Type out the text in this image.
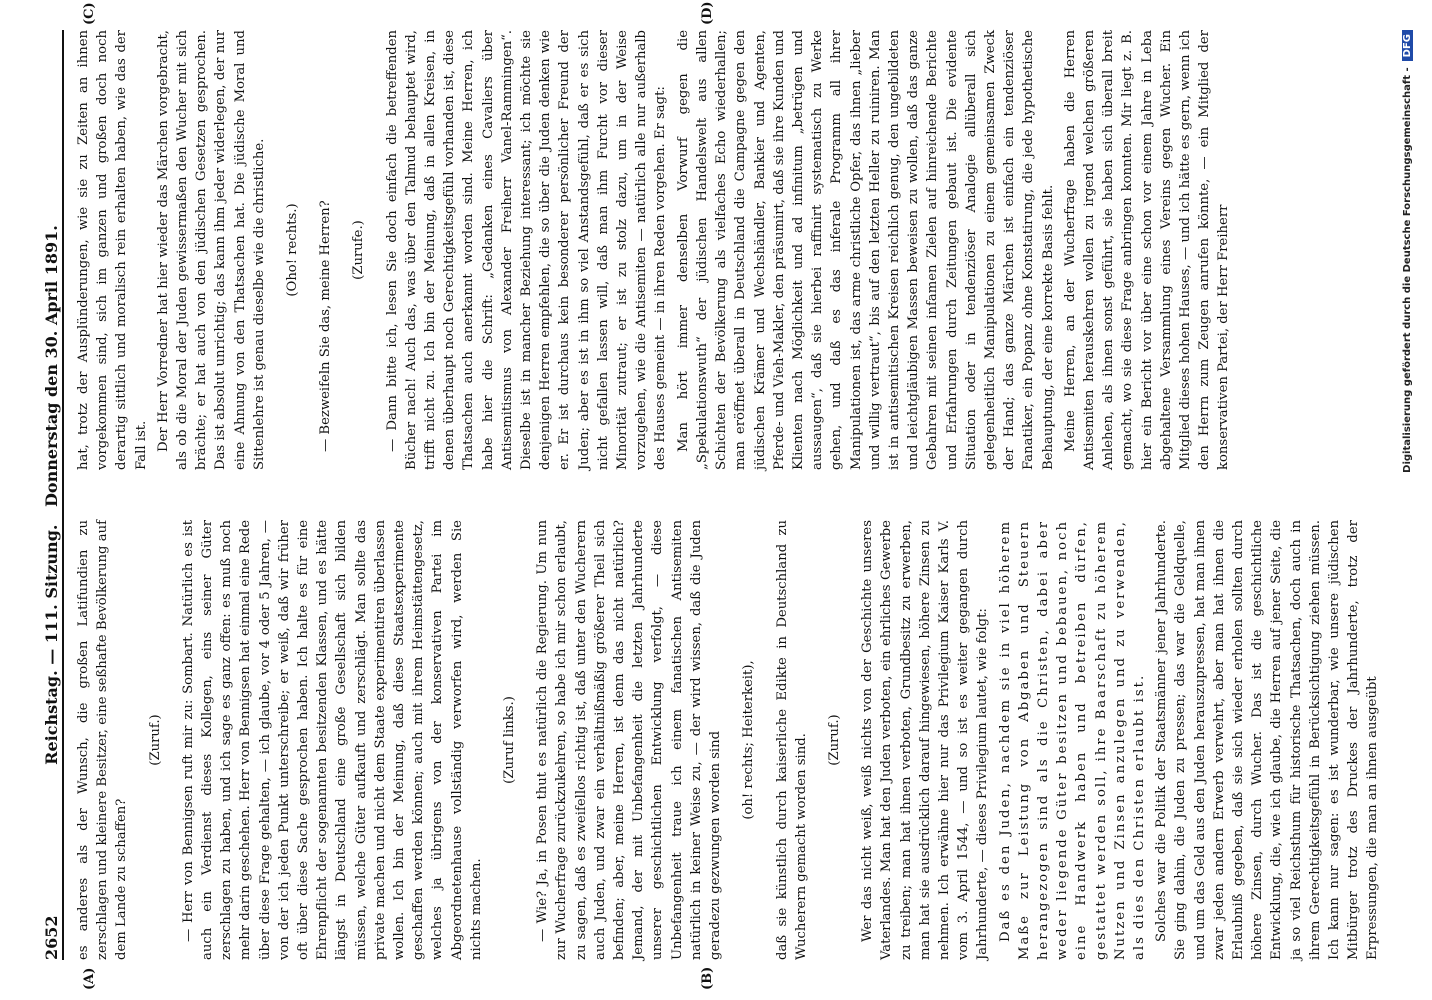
2652
Reichstag. — 111. Sitzung. Donnerstag den 30. April 1891.
(A)	(B)
(C)	(D)

es anderes als der Wunsch, die großen Latifundien zu zerschlagen und kleinere Besitzer, eine seßhafte Bevölkerung auf dem Lande zu schaffen?

(Zuruf.) — Herr von Bennigsen ruft mir zu: Sombart. Natürlich es ist auch ein Verdienst dieses Kollegen, eins seiner Güter zerschlagen zu haben, und ich sage es ganz offen: es muß noch mehr darin geschehen. Herr von Bennigsen hat einmal eine Rede über diese Frage gehalten, — ich glaube, vor 4 oder 5 Jahren, — von der ich jeden Punkt unterschreibe; er weiß, daß wir früher oft über diese Sache gesprochen haben. Ich halte es für eine Ehrenpflicht der sogenannten besitzenden Klassen, und es hätte längst in Deutschland eine große Gesellschaft sich bilden müssen, welche Güter aufkauft und zerschlägt. Man sollte das private machen und nicht dem Staate experimentiren überlassen wollen. Ich bin der Meinung, daß diese Staatsexperimente geschaffen werden können; auch mit ihrem Heimstättengesetz, welches ja übrigens von der konservativen Partei im Abgeordnetenhause vollständig verworfen wird, werden Sie nichts machen.

(Zuruf links.) — Wie? Ja, in Posen thut es natürlich die Regierung. Um nun zur Wucherfrage zurückzukehren, so habe ich mir schon erlaubt, zu sagen, daß es zweifellos richtig ist, daß unter den Wucherern auch Juden, und zwar ein verhältnißmäßig größerer Theil sich befinden; aber, meine Herren, ist denn das nicht natürlich? Jemand, der mit Unbefangenheit die letzten Jahrhunderte unserer geschichtlichen Entwicklung verfolgt, — diese Unbefangenheit traue ich einem fanatischen Antisemiten natürlich in keiner Weise zu, — der wird wissen, daß die Juden geradezu gezwungen worden sind (oh! rechts; Heiterkeit), daß sie künstlich durch kaiserliche Edikte in Deutschland zu Wucherern gemacht worden sind. (Zuruf.) Wer das nicht weiß, weiß nichts von der Geschichte unseres Vaterlandes. Man hat den Juden verboten, ein ehrliches Gewerbe zu treiben; man hat ihnen verboten, Grundbesitz zu erwerben, man hat sie ausdrücklich darauf hingewiesen, höhere Zinsen zu nehmen. Ich erwähne hier nur das Privilegium Kaiser Karls V. vom 3. April 1544, — und so ist es weiter gegangen durch Jahrhunderte, — dieses Privilegium lautet, wie folgt: Daß es den Juden, nachdem sie in viel höherem Maße zur Leistung von Abgaben und Steuern herangezogen sind als die Christen, dabei aber weder liegende Güter besitzen und bebauen, noch eine Handwerk haben und betreiben dürfen, gestattet werden soll, ihre Baarschaft zu höherem Nutzen und Zinsen anzulegen und zu verwenden, als dies den Christen erlaubt ist. Solches war die Politik der Staatsmänner jener Jahrhunderte. Sie ging dahin, die Juden zu pressen; das war die Geldquelle, und um das Geld aus den Juden herauszupressen, hat man ihnen zwar jeden andern Erwerb verwehrt, aber man hat ihnen die Erlaubniß gegeben, daß sie sich wieder erholen sollten durch höhere Zinsen, durch Wucher. Das ist die geschichtliche Entwicklung, die, wie ich glaube, die Herren auf jener Seite, die ja so viel Reichsthum für historische Thatsachen, doch auch in ihrem Gerechtigkeitsgefühl in Berücksichtigung ziehen müssen. Ich kann nur sagen: es ist wunderbar, wie unsere jüdischen Mitbürger trotz des Druckes der Jahrhunderte, trotz der Erpressungen, die man an ihnen ausgeübt

hat, trotz der Ausplünderungen, wie sie zu Zeiten an ihnen vorgekommen sind, sich im ganzen und großen doch noch derartig sittlich und moralisch rein erhalten haben, wie das der Fall ist. Der Herr Vorredner hat hier wieder das Märchen vorgebracht, als ob die Moral der Juden gewissermaßen den Wucher mit sich brächte; er hat auch von den jüdischen Gesetzen gesprochen. Das ist absolut unrichtig; das kann ihm jeder widerlegen, der nur eine Ahnung von den Thatsachen hat. Die jüdische Moral und Sittenlehre ist genau dieselbe wie die christliche. (Oho! rechts.) — Bezweifeln Sie das, meine Herren? (Zurufe.) — Dann bitte ich, lesen Sie doch einfach die betreffenden Bücher nach! Auch das, was über den Talmud behauptet wird, trifft nicht zu. Ich bin der Meinung, daß in allen Kreisen, in denen überhaupt noch Gerechtigkeitsgefühl vorhanden ist, diese Thatsachen auch anerkannt worden sind. Meine Herren, ich habe hier die Schrift: „Gedanken eines Cavaliers über Antisemitismus von Alexander Freiherr Vanel-Rammingen“. Dieselbe ist in mancher Beziehung interessant; ich möchte sie denjenigen Herren empfehlen, die so über die Juden denken wie er. Er ist durchaus kein besonderer persönlicher Freund der Juden; aber es ist in ihm so viel Anstandsgefühl, daß er es sich nicht gefallen lassen will, daß man ihm Furcht vor dieser Minorität zutraut; er ist zu stolz dazu, um in der Weise vorzugehen, wie die Antisemiten — natürlich alle nur außerhalb des Hauses gemeint — in ihren Reden vorgehen. Er sagt: Man hört immer denselben Vorwurf gegen die „Spekulationswuth“ der jüdischen Handelswelt aus allen Schichten der Bevölkerung als vielfaches Echo wiederhallen; man eröffnet überall in Deutschland die Campagne gegen den jüdischen Krämer und Wechshändler, Bankier und Agenten, Pferde- und Vieh-Makler, den präsumirt, daß sie ihre Kunden und Klienten nach Möglichkeit und ad infinitum „betrügen und aussaugen“, daß sie hierbei raffinirt systematisch zu Werke gehen, und daß es das inferale Programm all ihrer Manipulationen ist, das arme christliche Opfer, das ihnen „lieber und willig vertraut“, bis auf den letzten Heller zu ruiniren. Man ist in antisemitischen Kreisen reichlich genug, den ungebildeten und leichtgläubigen Massen beweisen zu wollen, daß das ganze Gebahren mit seinen infamen Zielen auf hinreichende Berichte und Erfahrungen durch Zeitungen gebaut ist. Die evidente Situation oder in tendenziöser Analogie allüberall sich gelegenheitlich Manipulationen zu einem gemeinsamen Zweck der Hand; das ganze Märchen ist einfach ein tendenziöser Fanatiker, ein Popanz ohne Konstatirung, die jede hypothetische Behauptung, der eine korrekte Basis fehlt. Meine Herren, an der Wucherfrage haben die Herren Antisemiten herauskehren wollen zu irgend welchen größeren Anlehen, als ihnen sonst geführt, sie haben sich überall breit gemacht, wo sie diese Frage anbringen konnten. Mir liegt z. B. hier ein Bericht vor über eine schon vor einem Jahre in Leba abgehaltene Versammlung eines Vereins gegen Wucher. Ein Mitglied dieses hohen Hauses, — und ich hätte es gern, wenn ich den Herrn zum Zeugen anrufen könnte, — ein Mitglied der konservativen Partei, der Herr Freiherr	Digitalisierung gefördert durch die Deutsche Forschungsgemeinschaft -DFG
